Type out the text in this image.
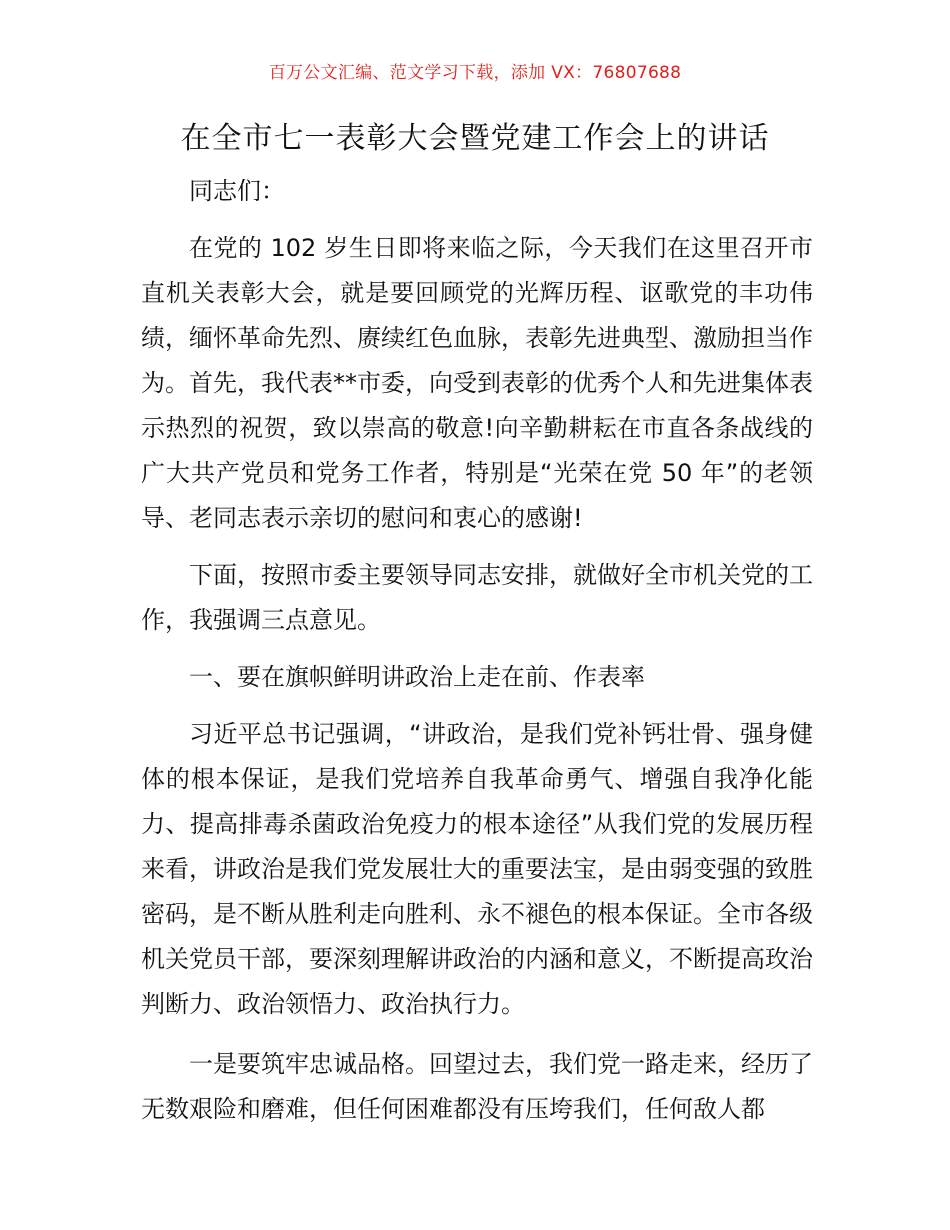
百万公文汇编、范文学习下载，添加 VX：76807688
在全市七一表彰大会暨党建工作会上的讲话

同志们：

在党的 102 岁生日即将来临之际，今天我们在这里召开市直机关表彰大会，就是要回顾党的光辉历程、讴歌党的丰功伟绩，缅怀革命先烈、赓续红色血脉，表彰先进典型、激励担当作为。首先，我代表**市委，向受到表彰的优秀个人和先进集体表示热烈的祝贺，致以崇高的敬意!向辛勤耕耘在市直各条战线的广大共产党员和党务工作者，特别是“光荣在党 50 年”的老领导、老同志表示亲切的慰问和衷心的感谢!

下面，按照市委主要领导同志安排，就做好全市机关党的工作，我强调三点意见。

一、要在旗帜鲜明讲政治上走在前、作表率

习近平总书记强调，“讲政治，是我们党补钙壮骨、强身健体的根本保证，是我们党培养自我革命勇气、增强自我净化能力、提高排毒杀菌政治免疫力的根本途径”从我们党的发展历程来看，讲政治是我们党发展壮大的重要法宝，是由弱变强的致胜密码，是不断从胜利走向胜利、永不褪色的根本保证。全市各级机关党员干部，要深刻理解讲政治的内涵和意义，不断提高玫治判断力、政治领悟力、政治执行力。

一是要筑牢忠诚品格。回望过去，我们党一路走来，经历了无数艰险和磨难，但任何困难都没有压垮我们，任何敌人都
